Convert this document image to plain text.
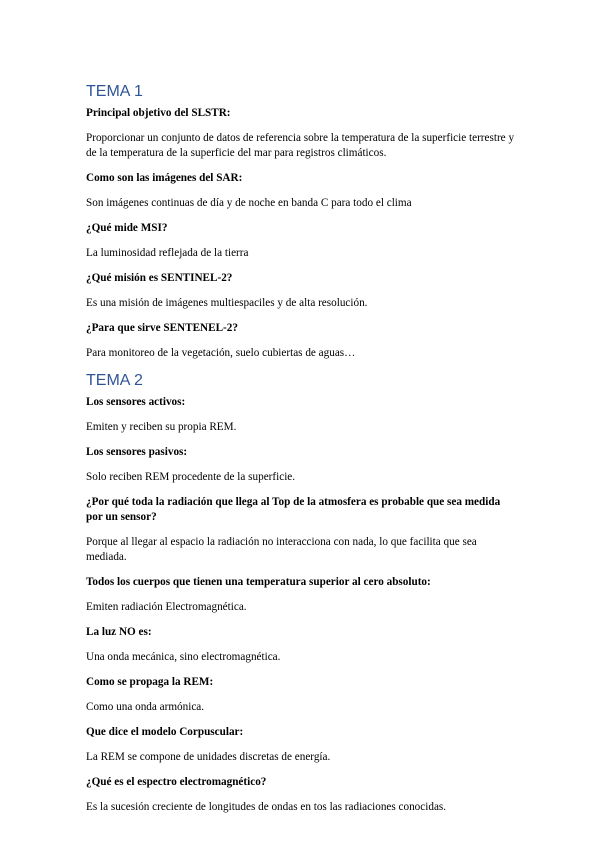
TEMA 1

Principal objetivo del SLSTR:

Proporcionar un conjunto de datos de referencia sobre la temperatura de la superficie terrestre y de la temperatura de la superficie del mar para registros climáticos.

Como son las imágenes del SAR:

Son imágenes continuas de día y de noche en banda C para todo el clima

¿Qué mide MSI?

La luminosidad reflejada de la tierra

¿Qué misión es SENTINEL-2?

Es una misión de imágenes multiespaciles y de alta resolución.

¿Para que sirve SENTENEL-2?

Para monitoreo de la vegetación, suelo cubiertas de aguas…

TEMA 2

Los sensores activos:

Emiten y reciben su propia REM.

Los sensores pasivos:

Solo reciben REM procedente de la superficie.

¿Por qué toda la radiación que llega al Top de la atmosfera es probable que sea medida por un sensor?

Porque al llegar al espacio la radiación no interacciona con nada, lo que facilita que sea mediada.

Todos los cuerpos que tienen una temperatura superior al cero absoluto:

Emiten radiación Electromagnética.

La luz NO es:

Una onda mecánica, sino electromagnética.

Como se propaga la REM:

Como una onda armónica.

Que dice el modelo Corpuscular:

La REM se compone de unidades discretas de energía.

¿Qué es el espectro electromagnético?

Es la sucesión creciente de longitudes de ondas en tos las radiaciones conocidas.
